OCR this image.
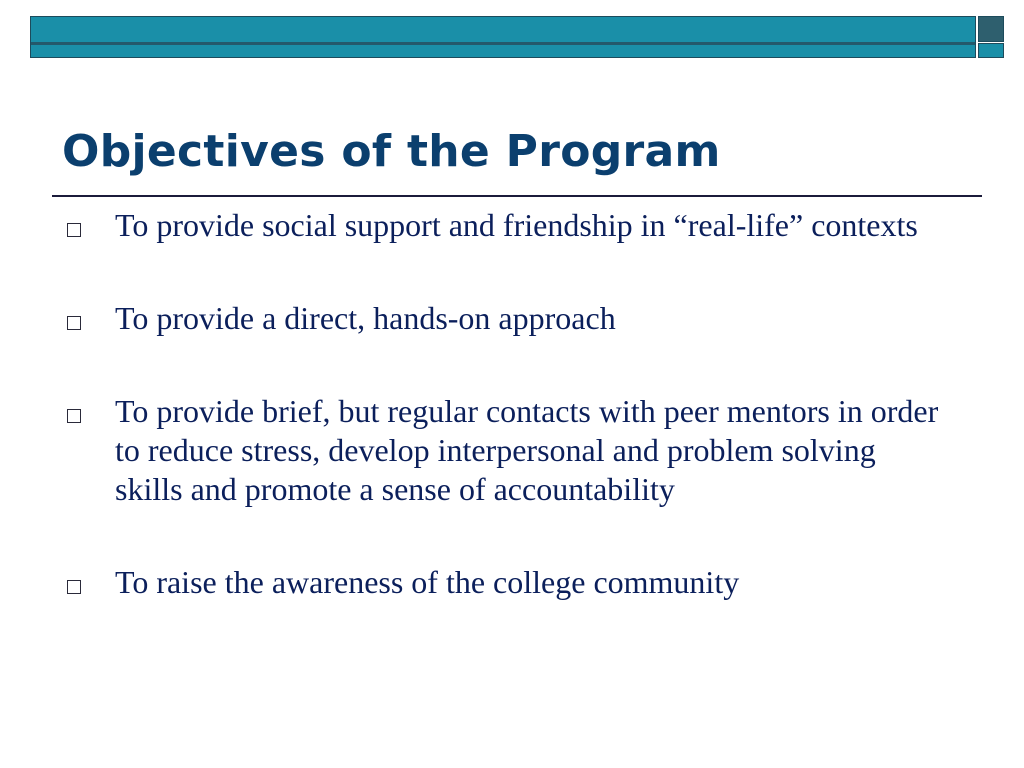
Objectives of the Program
To provide social support and friendship in “real-life” contexts
To provide a direct, hands-on approach
To provide brief, but regular contacts with peer mentors in order to reduce stress, develop interpersonal and problem solving skills and promote a sense of accountability
To raise the awareness of the college community
